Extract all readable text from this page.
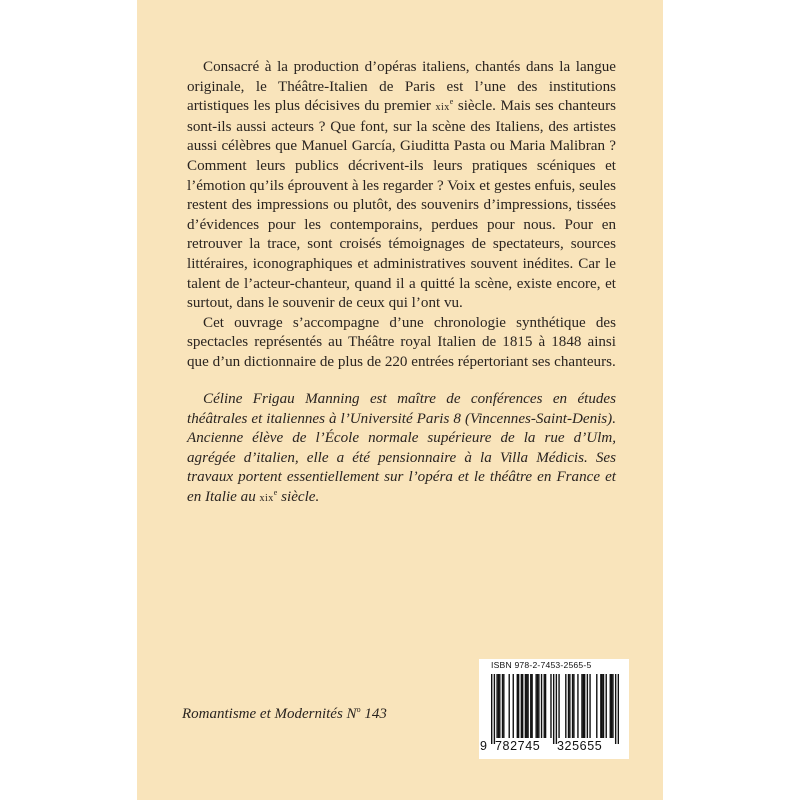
Consacré à la production d’opéras italiens, chantés dans la langue originale, le Théâtre-Italien de Paris est l’une des institutions artistiques les plus décisives du premier xix$^e$ siècle. Mais ses chanteurs sont-ils aussi acteurs ? Que font, sur la scène des Italiens, des artistes aussi célèbres que Manuel García, Giuditta Pasta ou Maria Malibran ? Comment leurs publics décrivent-ils leurs pratiques scéniques et l’émotion qu’ils éprouvent à les regarder ? Voix et gestes enfuis, seules restent des impressions ou plutôt, des souvenirs d’impressions, tissées d’évidences pour les contemporains, perdues pour nous. Pour en retrouver la trace, sont croisés témoignages de spectateurs, sources littéraires, iconographiques et administratives souvent inédites. Car le talent de l’acteur-chanteur, quand il a quitté la scène, existe encore, et surtout, dans le souvenir de ceux qui l’ont vu.

Cet ouvrage s’accompagne d’une chronologie synthétique des spectacles représentés au Théâtre royal Italien de 1815 à 1848 ainsi que d’un dictionnaire de plus de 220 entrées répertoriant ses chanteurs.

Céline Frigau Manning est maître de conférences en études théâtrales et italiennes à l’Université Paris 8 (Vincennes-Saint-Denis). Ancienne élève de l’École normale supérieure de la rue d’Ulm, agrégée d’italien, elle a été pensionnaire à la Villa Médicis. Ses travaux portent essentiellement sur l’opéra et le théâtre en France et en Italie au xix$^e$ siècle.

Romantisme et Modernités $N^o$ 143
ISBN 978-2-7453-2565-5
9 782745 325655
